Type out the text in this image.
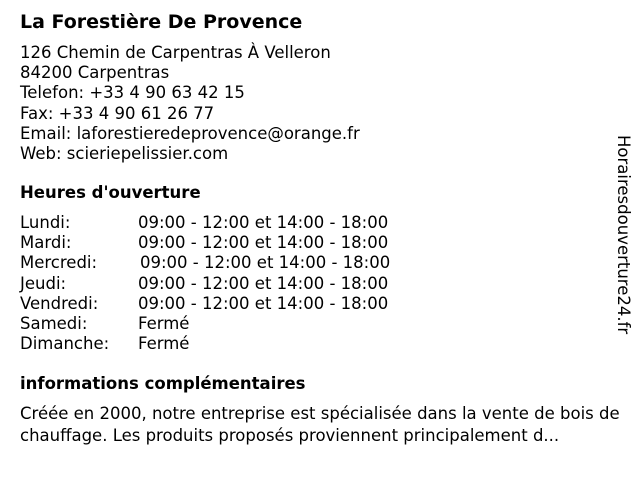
La Forestière De Provence
126 Chemin de Carpentras À Velleron
84200 Carpentras
Telefon: +33 4 90 63 42 15
Fax: +33 4 90 61 26 77
Email: laforestieredeprovence@orange.fr
Web: scieriepelissier.com
Heures d'ouverture
Lundi:	09:00 - 12:00 et 14:00 - 18:00
Mardi:	09:00 - 12:00 et 14:00 - 18:00
Mercredi:	09:00 - 12:00 et 14:00 - 18:00
Jeudi:	09:00 - 12:00 et 14:00 - 18:00
Vendredi: 09:00 - 12:00 et 14:00 - 18:00
Samedi:	Fermé
Dimanche: Fermé
informations complémentaires

Créée en 2000, notre entreprise est spécialisée dans la vente de bois de chauffage. Les produits proposés proviennent principalement d...

Horairesdouverture24.fr
